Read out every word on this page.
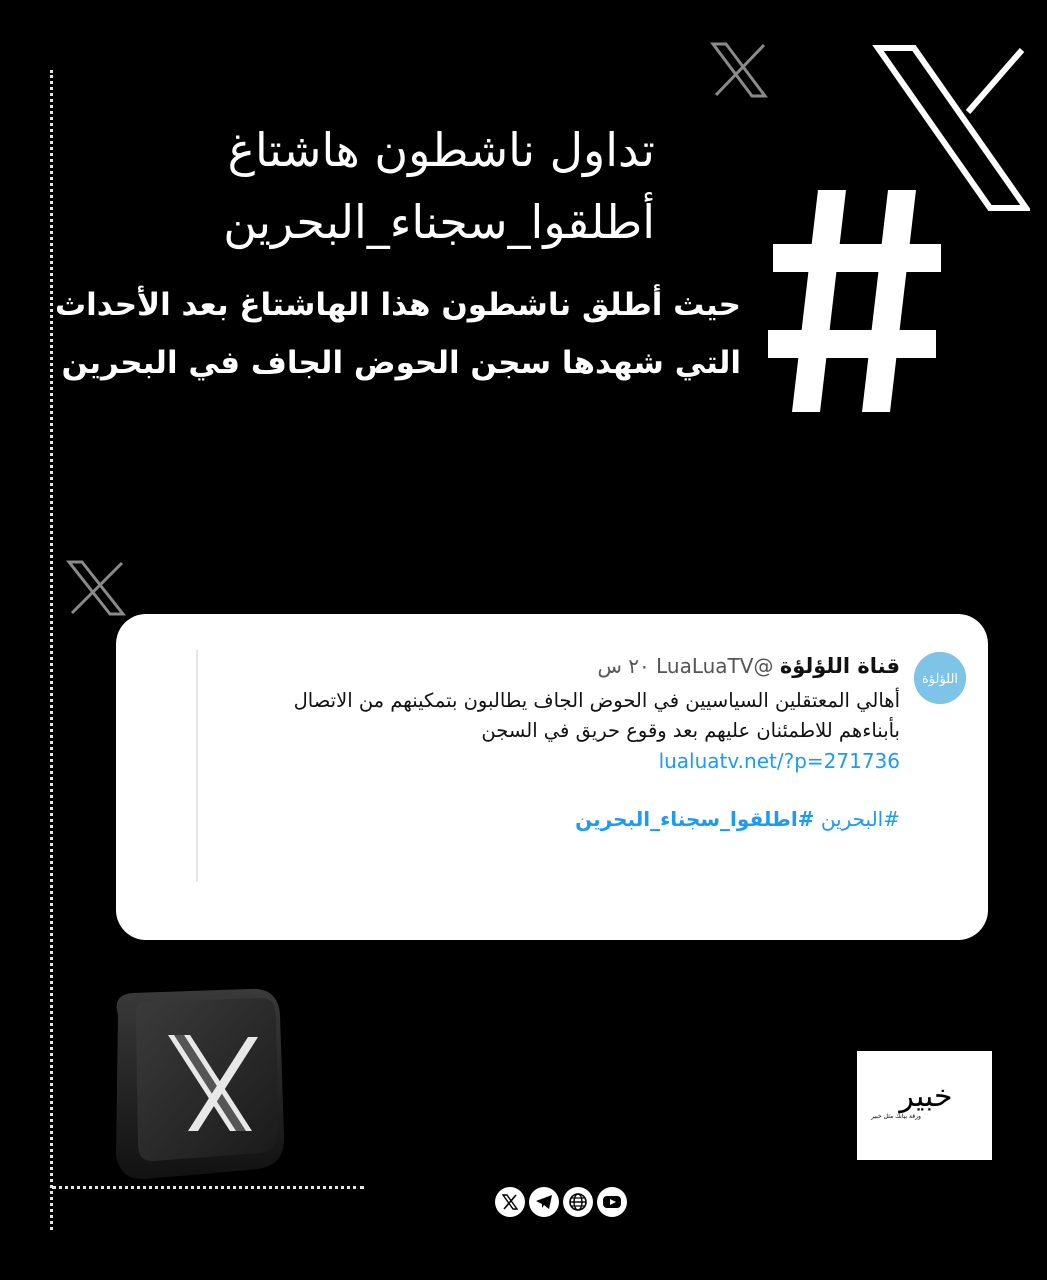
تداول ناشطون هاشتاغ
أطلقوا_سجناء_البحرين
حيث أطلق ناشطون هذا الهاشتاغ بعد الأحداث
التي شهدها سجن الحوض الجاف في البحرين
اللؤلؤة
قناة اللؤلؤة @LuaLuaTV ٢٠ س
أهالي المعتقلين السياسيين في الحوض الجاف يطالبون بتمكينهم من الاتصال
بأبناءهم للاطمئنان عليهم بعد وقوع حريق في السجن
lualuatv.net/?p=271736
#البحرين #اطلقوا_سجناء_البحرين
خبير
ورقة بيانك مثل خبير
